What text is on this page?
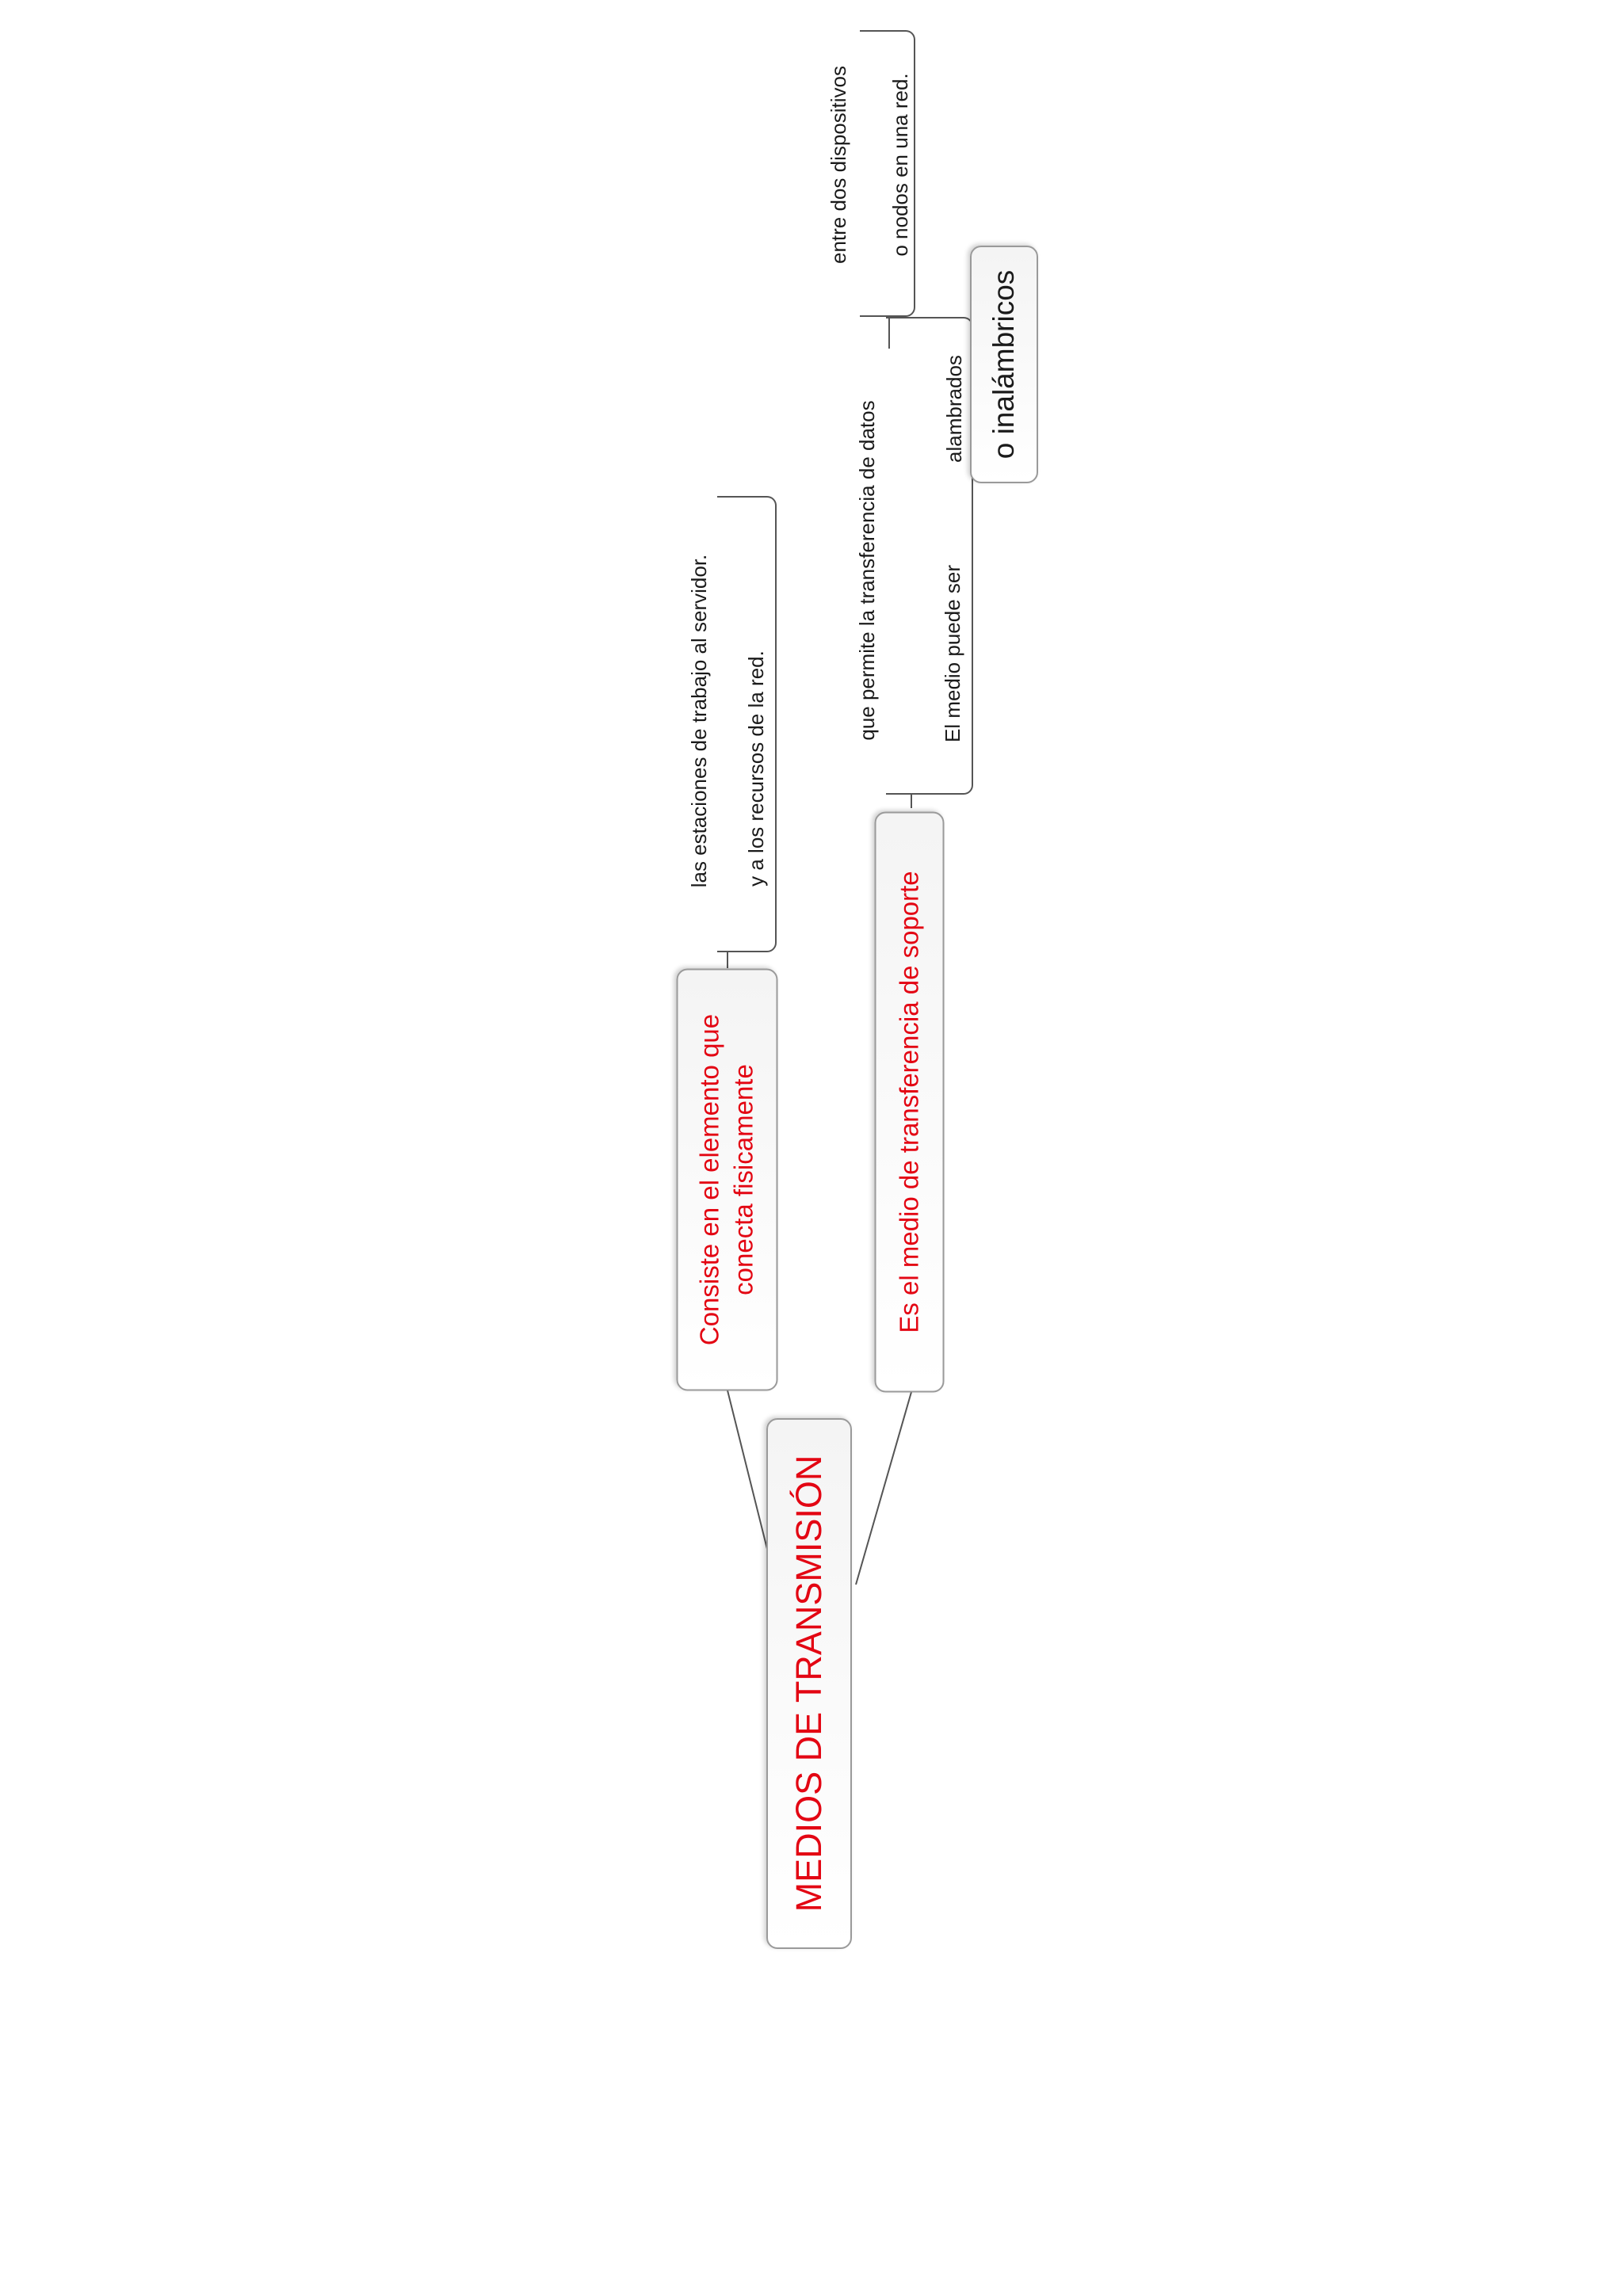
MEDIOS DE TRANSMISIÓN
Consiste en el elemento que conecta fisicamente
las estaciones de trabajo al servidor. y a los recursos de la red.
Es el medio de transferencia de soporte
que permite la transferencia de datos	El medio puede ser
entre dos dispositivos o nodos en una red.
alambrados o inalámbricos
